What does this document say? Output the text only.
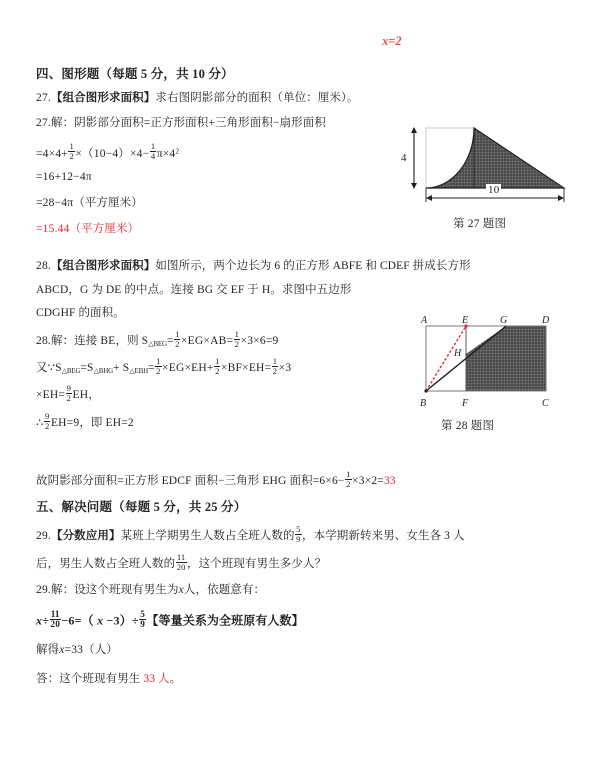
x=2
四、图形题（每题 5 分，共 10 分）
27.【组合图形求面积】求右图阴影部分的面积（单位：厘米）。
27.解：阴影部分面积=正方形面积+三角形面积−扇形面积
$=4\times 4+ \frac{1}{2} \times(10-4)\times 4- \frac{1}{4} \pi\times 4^2$
=16+12−4π
=28−4π（平方厘米）
=15.44（平方厘米）
4
10
第 27 题图
28.【组合图形求面积】如图所示，两个边长为 6 的正方形 ABFE 和 CDEF 拼成长方形
ABCD，G 为 DE 的中点。连接 BG 交 EF 于 H。求图中五边形
CDGHF 的面积。
28.解：连接 BE，则 $S_{\triangle BEG}= \frac{1}{2} \times EG\times AB= \frac{1}{2} \times 3\times 6=9$
又$\because S_{\triangle BEG}=S_{\triangle BHG}+ S_{\triangle EBH}= \frac{1}{2} \times EG\times EH+ \frac{1}{2} \times BF\times EH= \frac{1}{2} \times 3$
$\times EH= \frac{9}{2}$ EH，
∴ $\frac{9}{2} EH=9$，即 EH=2
故阴影部分面积=正方形 EDCF 面积−三角形 EHG 面积$=6\times 6- \frac{1}{2} \times 3\times 2=33$
A	E	G	D
H
B	F	C
第 28 题图
五、解决问题（每题 5 分，共 25 分）
29.【分数应用】某班上学期男生人数占全班人数的 $\frac{5}{9}$ ，本学期新转来男、女生各 3 人
后，男生人数占全班人数的 $\frac{11}{20}$ ，这个班现有男生多少人？
29.解：设这个班现有男生为x人，依题意有：
$x\div \frac{11}{20} -6=$（ $x -3)\div \frac{5}{9}$ 【等量关系为全班原有人数】
解得x=33（人）
答：这个班现有男生 33 人。
